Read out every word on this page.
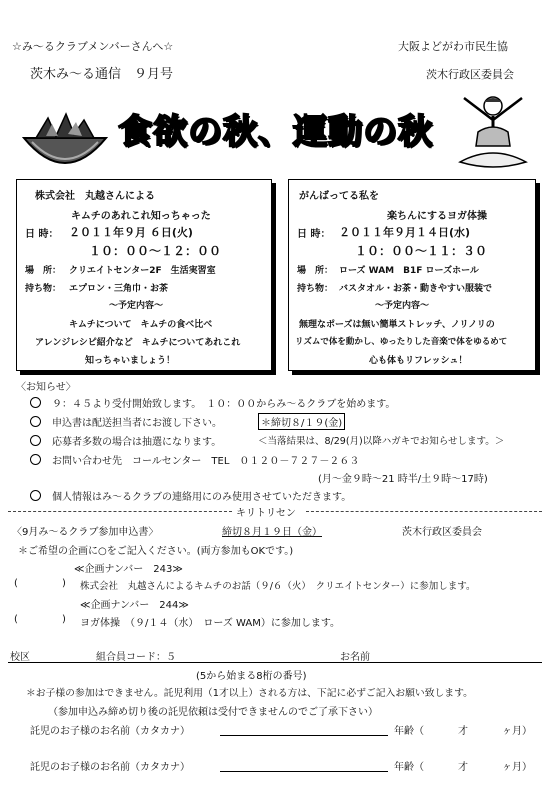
☆み～るクラブメンバーさんへ☆	大阪よどがわ市民生協
茨木み～る通信　９月号	茨木行政区委員会
食欲の秋、運動の秋
株式会社　丸越さんによる
キムチのあれこれ知っちゃった
日 時： ２０１１年９月 ６日(火)
１０：００～１２：００
場　所： クリエイトセンター2F　生活実習室
持ち物： エプロン・三角巾・お茶
～予定内容～
キムチについて　キムチの食べ比べ
アレンジレシピ紹介など　キムチについてあれこれ
知っちゃいましょう！
がんばってる私を
楽ちんにするヨガ体操
日 時： ２０１１年９月１４日(水)
１０：００～１１：３０
場　所： ローズ WAM　B1F ローズホール
持ち物： バスタオル・お茶・動きやすい服装で
～予定内容～
無理なポーズは無い簡単ストレッチ、ノリノリの
リズムで体を動かし、ゆったりした音楽で体をゆるめて
心も体もリフレッシュ！
〈お知らせ〉
９：４５より受付開始致します。　１０：００からみ～るクラブを始めます。
申込書は配送担当者にお渡し下さい。	＊締切８/１９(金)
応募者多数の場合は抽選になります。	＜当落結果は、8/29(月)以降ハガキでお知らせします。＞
お問い合わせ先　コールセンター　TEL　０１２０－７２７－２６３
(月～金９時～21 時半/土９時～17時)
個人情報はみ～るクラブの連絡用にのみ使用させていただきます。
キリトリセン
〈9月み～るクラブ参加申込書〉	締切８月１９日（金）	茨木行政区委員会
＊ご希望の企画に○をご記入ください。(両方参加もOKです。)
≪企画ナンバー　243≫
(	) 株式会社　丸越さんによるキムチのお話（９/６（火）　クリエイトセンター）に参加します。
≪企画ナンバー　244≫
(	) ヨガ体操　（９/１４（水）　ローズ WAM）に参加します。
校区	組合員コード：５	お名前
(5から始まる8桁の番号)
＊お子様の参加はできません。託児利用（1才以上）される方は、下記に必ずご記入お願い致します。
（参加申込み締め切り後の託児依頼は受付できませんのでご了承下さい）
託児のお子様のお名前（カタカナ）	年齢（	才	ヶ月）
託児のお子様のお名前（カタカナ）	年齢（	才	ヶ月）
